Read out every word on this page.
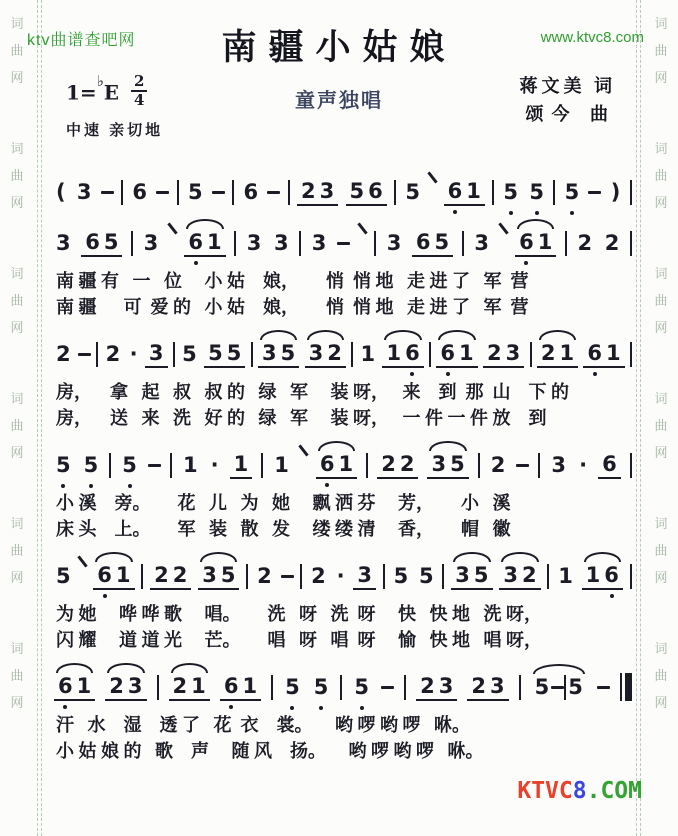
词
曲
网
词
曲
网
词
曲
网
词
曲
网
词
曲
网
词
曲
网
词
曲
网
词
曲
网
词
曲
网
词
曲
网
词
曲
网
词
曲
网
ktv曲谱查吧网	南疆小姑娘	www.ktvc8.com
$1=^♭E \frac{2}{4}$	童声独唱
蒋文美 词
颂今 曲
中速 亲切地
( 3 6 5 6 2 3 5 6 5 6 1 5 5 5 )
3 6 5 3 6 1 3 3 3	3 6 5 3 6 1 2 2
南 疆 有   一   位     小 姑    娘，      悄  悄 地   走 进 了   军  营
南 疆      可  爱 的   小 姑    娘，      悄  悄 地   走 进 了   军  营
2 2 · 3 5 5 5 3 5 3 2 1 1 6 6 1 2 3 2 1 6 1
房，    拿   起   叔   叔 的   绿   军     装 呀，   来    到  那  山    下 的
房，    送   来   洗   好 的   绿   军     装 呀，   一 件 一 件 放    到
5 5 5 1 · 1 1 6 1 2 2 3 5 2 3 · 6
小 溪    旁。      花   儿   为   她     飘 洒 芬     芳，      小   溪
床 头    上。      军   装   散   发     缕 缕 清     香，      帽   徽
5 6 1 2 2 3 5 2 2 · 3 5 5 3 5 3 2 1 1 6
为 她     哗 哗 歌     唱。      洗   呀   洗  呀     快   快 地   洗 呀，
闪 耀     道 道 光     芒。      唱   呀   唱  呀     愉   快 地   唱 呀，
6 1 2 3 2 1 6 1 5 5 5 2 3 2 3 5 5
汗   水    湿    透 了   花  衣    裳。     哟 啰 哟 啰   咻。
小 姑 娘 的   歌    声     随 风    扬。     哟 啰 哟 啰   咻。
KTVC8.COM
